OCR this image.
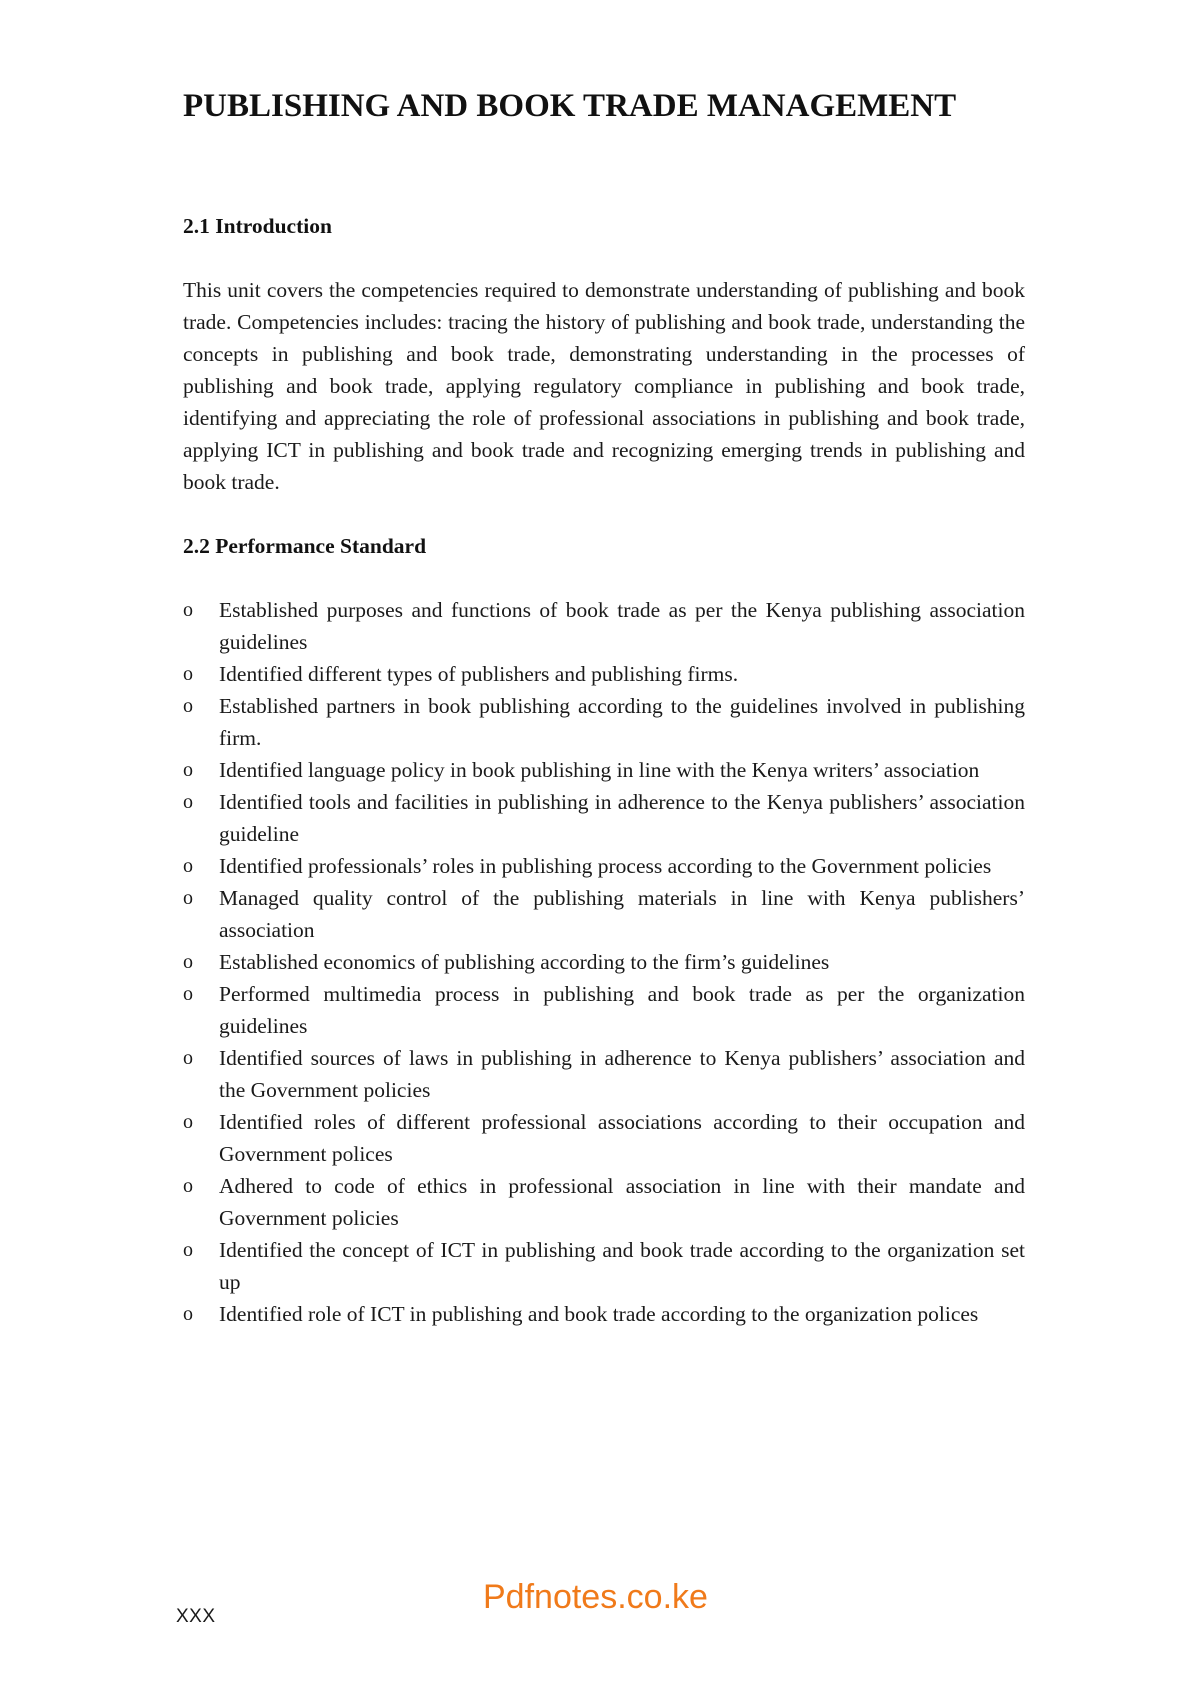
PUBLISHING AND BOOK TRADE MANAGEMENT
2.1 Introduction

This unit covers the competencies required to demonstrate understanding of publishing and book trade. Competencies includes: tracing the history of publishing and book trade, understanding the concepts in publishing and book trade, demonstrating understanding in the processes of publishing and book trade, applying regulatory compliance in publishing and book trade, identifying and appreciating the role of professional associations in publishing and book trade, applying ICT in publishing and book trade and recognizing emerging trends in publishing and book trade.

2.2 Performance Standard
o Established purposes and functions of book trade as per the Kenya publishing association guidelines
o Identified different types of publishers and publishing firms.
o Established partners in book publishing according to the guidelines involved in publishing firm.
o Identified language policy in book publishing in line with the Kenya writers’ association
o Identified tools and facilities in publishing in adherence to the Kenya publishers’ association guideline
o Identified professionals’ roles in publishing process according to the Government policies
o Managed quality control of the publishing materials in line with Kenya publishers’ association
o Established economics of publishing according to the firm’s guidelines
o Performed multimedia process in publishing and book trade as per the organization guidelines
o Identified sources of laws in publishing in adherence to Kenya publishers’ association and the Government policies
o Identified roles of different professional associations according to their occupation and Government polices
o Adhered to code of ethics in professional association in line with their mandate and Government policies
o Identified the concept of ICT in publishing and book trade according to the organization set up
o Identified role of ICT in publishing and book trade according to the organization polices
XXX
Pdfnotes.co.ke
